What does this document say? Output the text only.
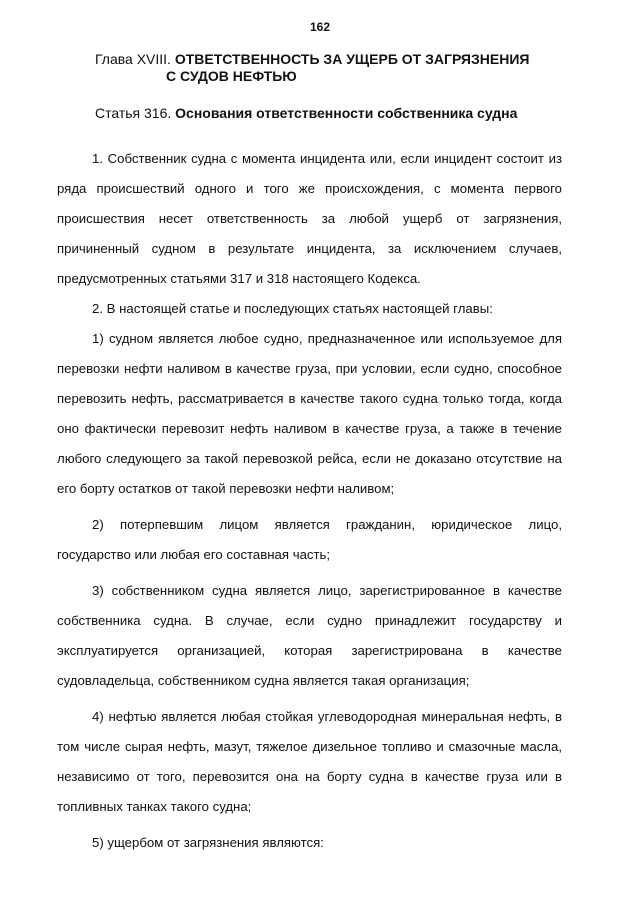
162
Глава XVIII. ОТВЕТСТВЕННОСТЬ ЗА УЩЕРБ ОТ ЗАГРЯЗНЕНИЯ
С СУДОВ НЕФТЬЮ
Статья 316. Основания ответственности собственника судна

1. Собственник судна с момента инцидента или, если инцидент состоит из ряда происшествий одного и того же происхождения, с момента первого происшествия несет ответственность за любой ущерб от загрязнения, причиненный судном в результате инцидента, за исключением случаев, предусмотренных статьями 317 и 318 настоящего Кодекса.

2. В настоящей статье и последующих статьях настоящей главы:

1) судном является любое судно, предназначенное или используемое для перевозки нефти наливом в качестве груза, при условии, если судно, способное перевозить нефть, рассматривается в качестве такого судна только тогда, когда оно фактически перевозит нефть наливом в качестве груза, а также в течение любого следующего за такой перевозкой рейса, если не доказано отсутствие на его борту остатков от такой перевозки нефти наливом;

2) потерпевшим лицом является гражданин, юридическое лицо, государство или любая его составная часть;

3) собственником судна является лицо, зарегистрированное в качестве собственника судна. В случае, если судно принадлежит государству и эксплуатируется организацией, которая зарегистрирована в качестве судовладельца, собственником судна является такая организация;

4) нефтью является любая стойкая углеводородная минеральная нефть, в том числе сырая нефть, мазут, тяжелое дизельное топливо и смазочные масла, независимо от того, перевозится она на борту судна в качестве груза или в топливных танках такого судна;

5) ущербом от загрязнения являются:
